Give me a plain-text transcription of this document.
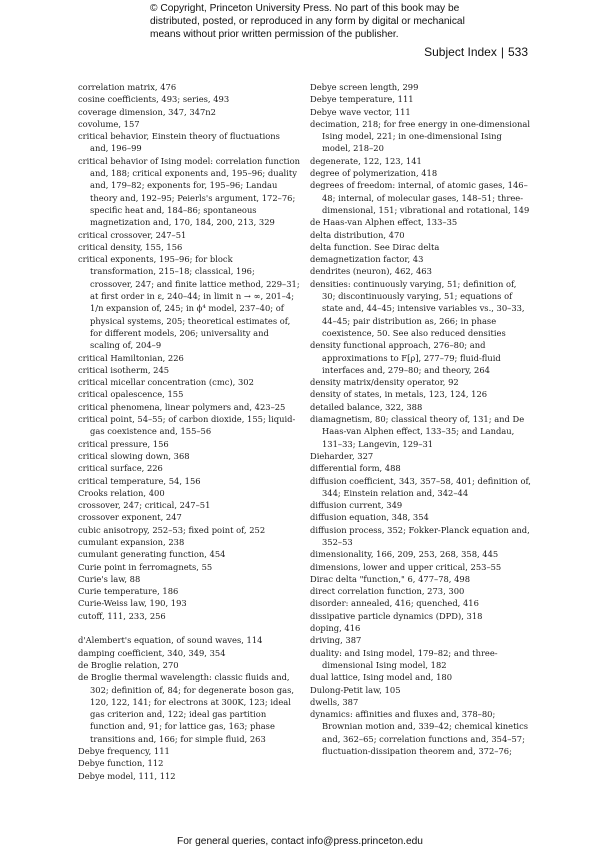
© Copyright, Princeton University Press. No part of this book may be distributed, posted, or reproduced in any form by digital or mechanical means without prior written permission of the publisher.
Subject Index | 533
correlation matrix, 476
cosine coefficients, 493; series, 493
coverage dimension, 347, 347n2
covolume, 157
critical behavior, Einstein theory of fluctuations and, 196–99
critical behavior of Ising model: correlation function and, 188; critical exponents and, 195–96; duality and, 179–82; exponents for, 195–96; Landau theory and, 192–95; Peierls's argument, 172–76; specific heat and, 184–86; spontaneous magnetization and, 170, 184, 200, 213, 329
critical crossover, 247–51
critical density, 155, 156
critical exponents, 195–96; for block transformation, 215–18; classical, 196; crossover, 247; and finite lattice method, 229–31; at first order in ε, 240–44; in limit n → ∞, 201–4; 1/n expansion of, 245; in ϕ⁴ model, 237–40; of physical systems, 205; theoretical estimates of, for different models, 206; universality and scaling of, 204–9
critical Hamiltonian, 226
critical isotherm, 245
critical micellar concentration (cmc), 302
critical opalescence, 155
critical phenomena, linear polymers and, 423–25
critical point, 54–55; of carbon dioxide, 155; liquid-gas coexistence and, 155–56
critical pressure, 156
critical slowing down, 368
critical surface, 226
critical temperature, 54, 156
Crooks relation, 400
crossover, 247; critical, 247–51
crossover exponent, 247
cubic anisotropy, 252–53; fixed point of, 252
cumulant expansion, 238
cumulant generating function, 454
Curie point in ferromagnets, 55
Curie's law, 88
Curie temperature, 186
Curie-Weiss law, 190, 193
cutoff, 111, 233, 256
d'Alembert's equation, of sound waves, 114
damping coefficient, 340, 349, 354
de Broglie relation, 270
de Broglie thermal wavelength: classic fluids and, 302; definition of, 84; for degenerate boson gas, 120, 122, 141; for electrons at 300K, 123; ideal gas criterion and, 122; ideal gas partition function and, 91; for lattice gas, 163; phase transitions and, 166; for simple fluid, 263
Debye frequency, 111
Debye function, 112
Debye model, 111, 112
Debye screen length, 299
Debye temperature, 111
Debye wave vector, 111
decimation, 218; for free energy in one-dimensional Ising model, 221; in one-dimensional Ising model, 218–20
degenerate, 122, 123, 141
degree of polymerization, 418
degrees of freedom: internal, of atomic gases, 146–48; internal, of molecular gases, 148–51; three-dimensional, 151; vibrational and rotational, 149
de Haas-van Alphen effect, 133–35
delta distribution, 470
delta function. See Dirac delta
demagnetization factor, 43
dendrites (neuron), 462, 463
densities: continuously varying, 51; definition of, 30; discontinuously varying, 51; equations of state and, 44–45; intensive variables vs., 30–33, 44–45; pair distribution as, 266; in phase coexistence, 50. See also reduced densities
density functional approach, 276–80; and approximations to F[ρ], 277–79; fluid-fluid interfaces and, 279–80; and theory, 264
density matrix/density operator, 92
density of states, in metals, 123, 124, 126
detailed balance, 322, 388
diamagnetism, 80; classical theory of, 131; and De Haas-van Alphen effect, 133–35; and Landau, 131–33; Langevin, 129–31
Dieharder, 327
differential form, 488
diffusion coefficient, 343, 357–58, 401; definition of, 344; Einstein relation and, 342–44
diffusion current, 349
diffusion equation, 348, 354
diffusion process, 352; Fokker-Planck equation and, 352–53
dimensionality, 166, 209, 253, 268, 358, 445
dimensions, lower and upper critical, 253–55
Dirac delta "function," 6, 477–78, 498
direct correlation function, 273, 300
disorder: annealed, 416; quenched, 416
dissipative particle dynamics (DPD), 318
doping, 416
driving, 387
duality: and Ising model, 179–82; and three-dimensional Ising model, 182
dual lattice, Ising model and, 180
Dulong-Petit law, 105
dwells, 387
dynamics: affinities and fluxes and, 378–80; Brownian motion and, 339–42; chemical kinetics and, 362–65; correlation functions and, 354–57; fluctuation-dissipation theorem and, 372–76;
For general queries, contact info@press.princeton.edu
